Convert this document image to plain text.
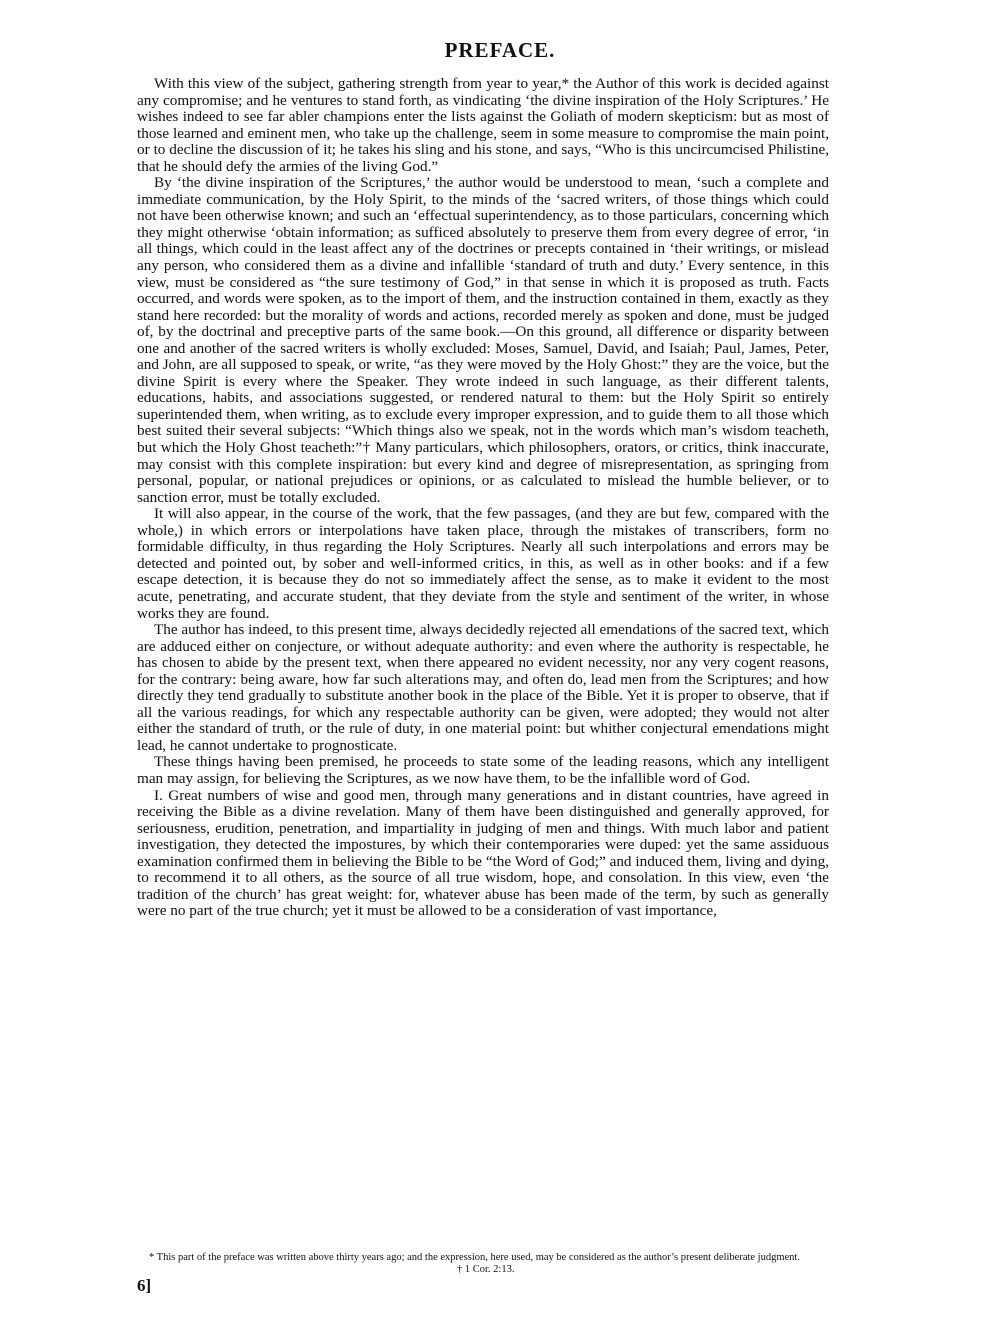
PREFACE.

With this view of the subject, gathering strength from year to year,* the Author of this work is decided against any compromise; and he ventures to stand forth, as vindicating ‘the divine inspiration of the Holy Scriptures.’ He wishes indeed to see far abler champions enter the lists against the Goliath of modern skepticism: but as most of those learned and eminent men, who take up the challenge, seem in some measure to compromise the main point, or to decline the discussion of it; he takes his sling and his stone, and says, “Who is this uncircumcised Philistine, that he should defy the armies of the living God.”

By ‘the divine inspiration of the Scriptures,’ the author would be understood to mean, ‘such a complete and immediate communication, by the Holy Spirit, to the minds of the ‘sacred writers, of those things which could not have been otherwise known; and such an ‘effectual superintendency, as to those particulars, concerning which they might otherwise ‘obtain information; as sufficed absolutely to preserve them from every degree of error, ‘in all things, which could in the least affect any of the doctrines or precepts contained in ‘their writings, or mislead any person, who considered them as a divine and infallible ‘standard of truth and duty.’ Every sentence, in this view, must be considered as “the sure testimony of God,” in that sense in which it is proposed as truth. Facts occurred, and words were spoken, as to the import of them, and the instruction contained in them, exactly as they stand here recorded: but the morality of words and actions, recorded merely as spoken and done, must be judged of, by the doctrinal and preceptive parts of the same book.—On this ground, all difference or disparity between one and another of the sacred writers is wholly excluded: Moses, Samuel, David, and Isaiah; Paul, James, Peter, and John, are all supposed to speak, or write, “as they were moved by the Holy Ghost:” they are the voice, but the divine Spirit is every where the Speaker. They wrote indeed in such language, as their different talents, educations, habits, and associations suggested, or rendered natural to them: but the Holy Spirit so entirely superintended them, when writing, as to exclude every improper expression, and to guide them to all those which best suited their several subjects: “Which things also we speak, not in the words which man’s wisdom teacheth, but which the Holy Ghost teacheth:”† Many particulars, which philosophers, orators, or critics, think inaccurate, may consist with this complete inspiration: but every kind and degree of misrepresentation, as springing from personal, popular, or national prejudices or opinions, or as calculated to mislead the humble believer, or to sanction error, must be totally excluded.

It will also appear, in the course of the work, that the few passages, (and they are but few, compared with the whole,) in which errors or interpolations have taken place, through the mistakes of transcribers, form no formidable difficulty, in thus regarding the Holy Scriptures. Nearly all such interpolations and errors may be detected and pointed out, by sober and well-informed critics, in this, as well as in other books: and if a few escape detection, it is because they do not so immediately affect the sense, as to make it evident to the most acute, penetrating, and accurate student, that they deviate from the style and sentiment of the writer, in whose works they are found.

The author has indeed, to this present time, always decidedly rejected all emendations of the sacred text, which are adduced either on conjecture, or without adequate authority: and even where the authority is respectable, he has chosen to abide by the present text, when there appeared no evident necessity, nor any very cogent reasons, for the contrary: being aware, how far such alterations may, and often do, lead men from the Scriptures; and how directly they tend gradually to substitute another book in the place of the Bible. Yet it is proper to observe, that if all the various readings, for which any respectable authority can be given, were adopted; they would not alter either the standard of truth, or the rule of duty, in one material point: but whither conjectural emendations might lead, he cannot undertake to prognosticate.

These things having been premised, he proceeds to state some of the leading reasons, which any intelligent man may assign, for believing the Scriptures, as we now have them, to be the infallible word of God.

I. Great numbers of wise and good men, through many generations and in distant countries, have agreed in receiving the Bible as a divine revelation. Many of them have been distinguished and generally approved, for seriousness, erudition, penetration, and impartiality in judging of men and things. With much labor and patient investigation, they detected the impostures, by which their contemporaries were duped: yet the same assiduous examination confirmed them in believing the Bible to be “the Word of God;” and induced them, living and dying, to recommend it to all others, as the source of all true wisdom, hope, and consolation. In this view, even ‘the tradition of the church’ has great weight: for, whatever abuse has been made of the term, by such as generally were no part of the true church; yet it must be allowed to be a consideration of vast importance,

* This part of the preface was written above thirty years ago; and the expression, here used, may be considered as the author’s present deliberate judgment.
† 1 Cor. 2:13.
6]
